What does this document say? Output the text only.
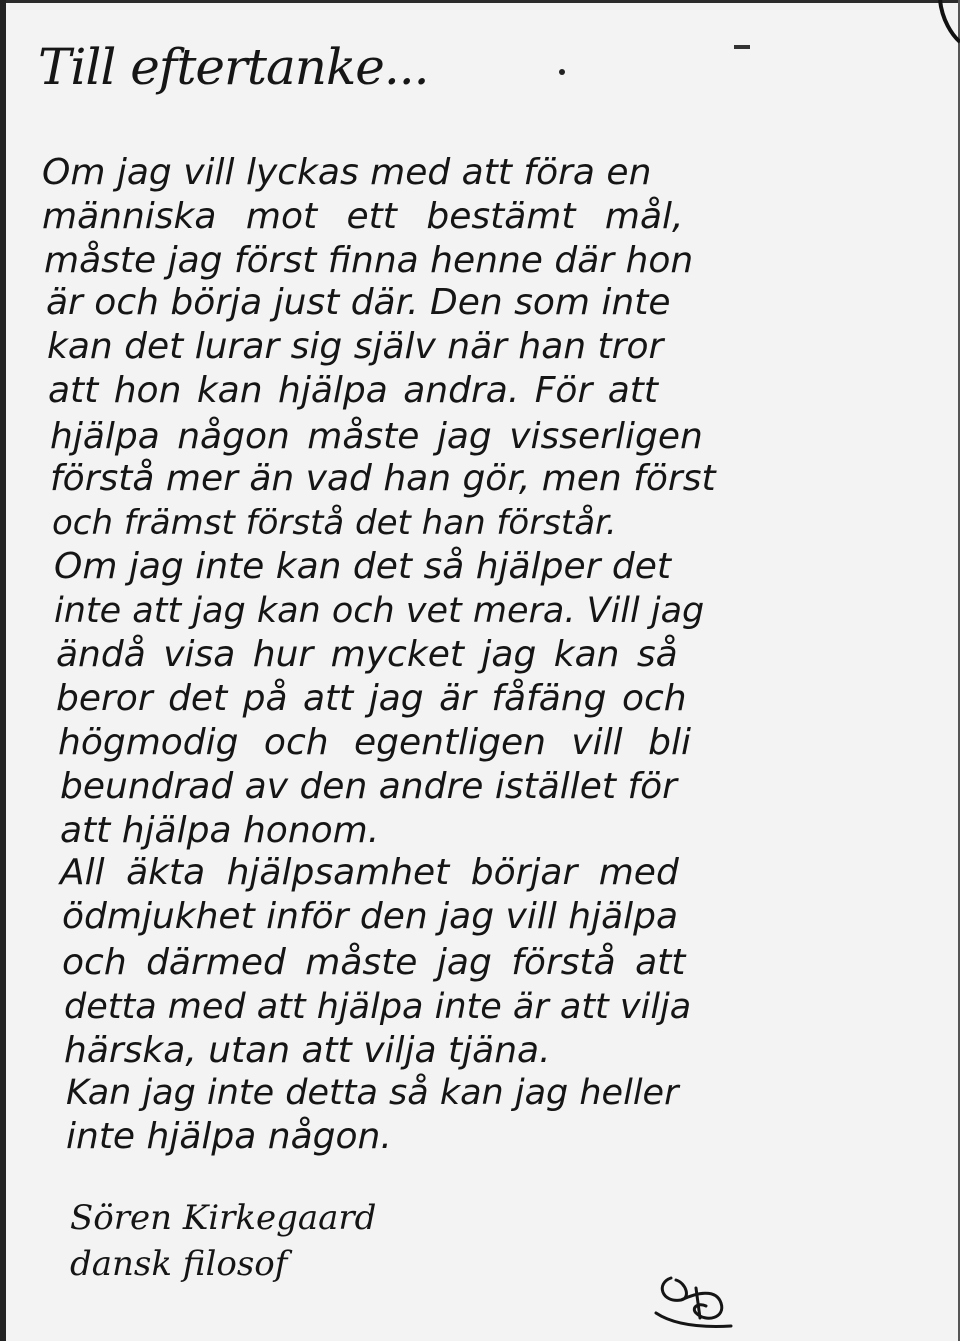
Till eftertanke...
Om jag vill lyckas med att föra en
människa mot ett bestämt mål,
måste jag först finna henne där hon
är och börja just där. Den som inte
kan det lurar sig själv när han tror
att hon kan hjälpa andra. För att
hjälpa någon måste jag visserligen
förstå mer än vad han gör, men först
och främst förstå det han förstår.
Om jag inte kan det så hjälper det
inte att jag kan och vet mera. Vill jag
ändå visa hur mycket jag kan så
beror det på att jag är fåfäng och
högmodig och egentligen vill bli
beundrad av den andre istället för
att hjälpa honom.
All äkta hjälpsamhet börjar med
ödmjukhet inför den jag vill hjälpa
och därmed måste jag förstå att
detta med att hjälpa inte är att vilja
härska, utan att vilja tjäna.
Kan jag inte detta så kan jag heller
inte hjälpa någon.
Sören Kirkegaard
dansk filosof
